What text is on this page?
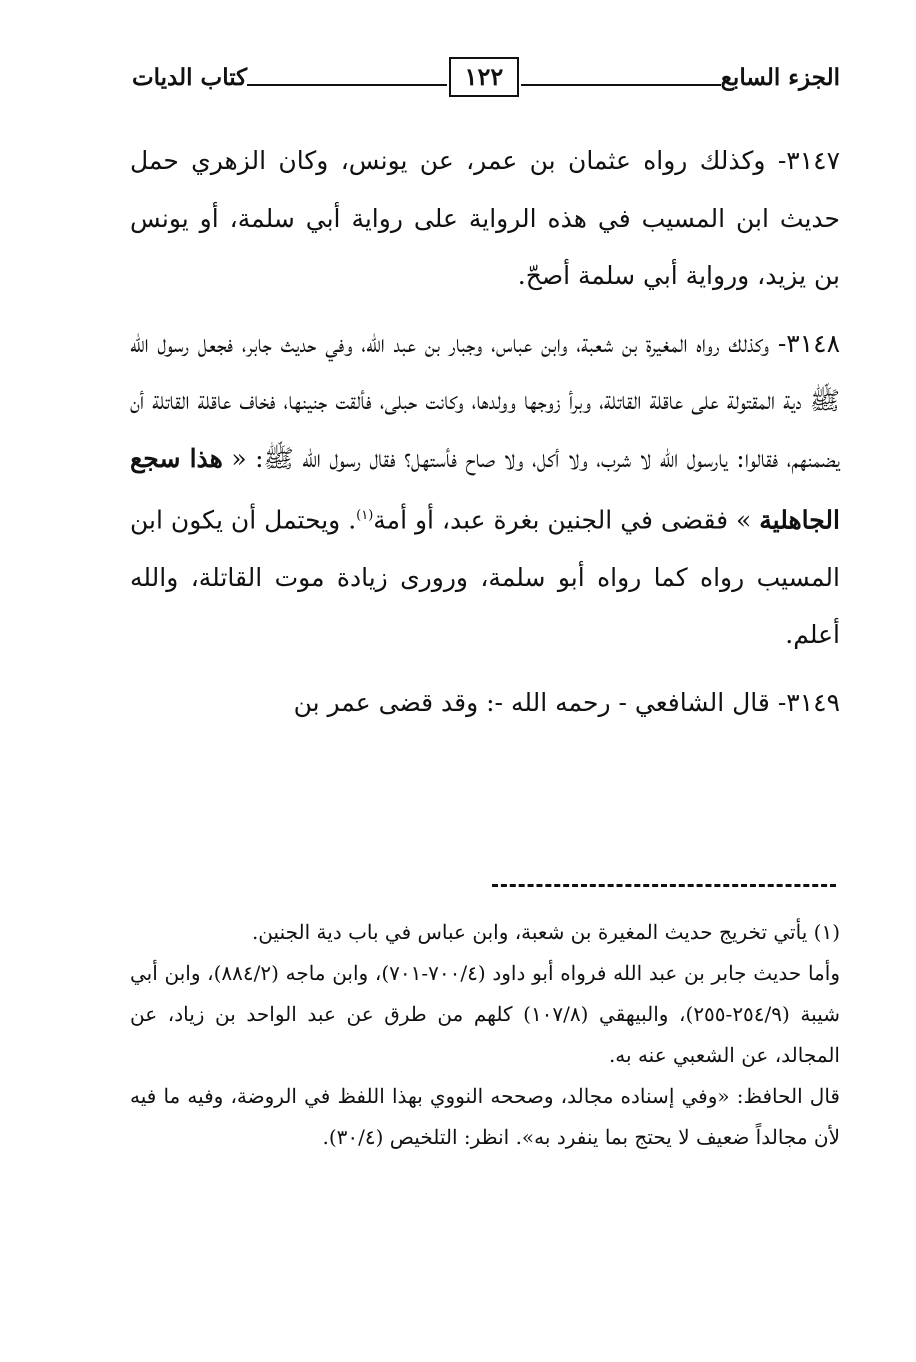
الجزء السابع
١٢٢
كتاب الديات

٣١٤٧- وكذلك رواه عثمان بن عمر، عن يونس، وكان الزهري حمل حديث ابن المسيب في هذه الرواية على رواية أبي سلمة، أو يونس بن يزيد، ورواية أبي سلمة أصحّ.

٣١٤٨- وكذلك رواه المغيرة بن شعبة، وابن عباس، وجبار بن عبد الله، وفي حديث جابر، فجعل رسول الله ﷺ دية المقتولة على عاقلة القاتلة، وبرأ زوجها وولدها، وكانت حبلى، فألقت جنينها، فخاف عاقلة القاتلة أن يضمنهم، فقالوا: يارسول الله لا شرب، ولا أكل، ولا صاح فأستهل؟ فقال رسول الله ﷺ: « هذا سجع الجاهلية » فقضى في الجنين بغرة عبد، أو أمة$^{(١)}$. ويحتمل أن يكون ابن المسيب رواه كما رواه أبو سلمة، ورورى زيادة موت القاتلة، والله أعلم.

٣١٤٩- قال الشافعي - رحمه الله -: وقد قضى عمر بن

(١) يأتي تخريج حديث المغيرة بن شعبة، وابن عباس في باب دية الجنين.

وأما حديث جابر بن عبد الله فرواه أبو داود (٧٠٠/٤-٧٠١)، وابن ماجه (٨٨٤/٢)، وابن أبي شيبة (٢٥٤/٩-٢٥٥)، والبيهقي (١٠٧/٨) كلهم من طرق عن عبد الواحد بن زياد، عن المجالد، عن الشعبي عنه به.

قال الحافظ: «وفي إسناده مجالد، وصححه النووي بهذا اللفظ في الروضة، وفيه ما فيه لأن مجالداً ضعيف لا يحتج بما ينفرد به». انظر: التلخيص (٣٠/٤).
